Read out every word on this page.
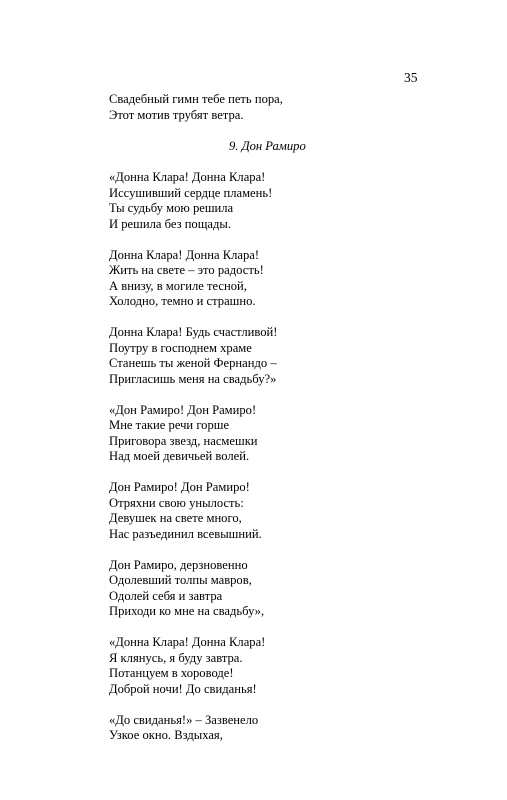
35
Свадебный гимн тебе петь пора,
Этот мотив трубят ветра.
9. Дон Рамиро
«Донна Клара! Донна Клара!
Иссушивший сердце пламень!
Ты судьбу мою решила
И решила без пощады.
Донна Клара! Донна Клара!
Жить на свете – это радость!
А внизу, в могиле тесной,
Холодно, темно и страшно.
Донна Клара! Будь счастливой!
Поутру в господнем храме
Станешь ты женой Фернандо –
Пригласишь меня на свадьбу?»
«Дон Рамиро! Дон Рамиро!
Мне такие речи горше
Приговора звезд, насмешки
Над моей девичьей волей.
Дон Рамиро! Дон Рамиро!
Отряхни свою унылость:
Девушек на свете много,
Нас разъединил всевышний.
Дон Рамиро, дерзновенно
Одолевший толпы мавров,
Одолей себя и завтра
Приходи ко мне на свадьбу»,
«Донна Клара! Донна Клара!
Я клянусь, я буду завтра.
Потанцуем в хороводе!
Доброй ночи! До свиданья!
«До свиданья!» – Зазвенело
Узкое окно. Вздыхая,
